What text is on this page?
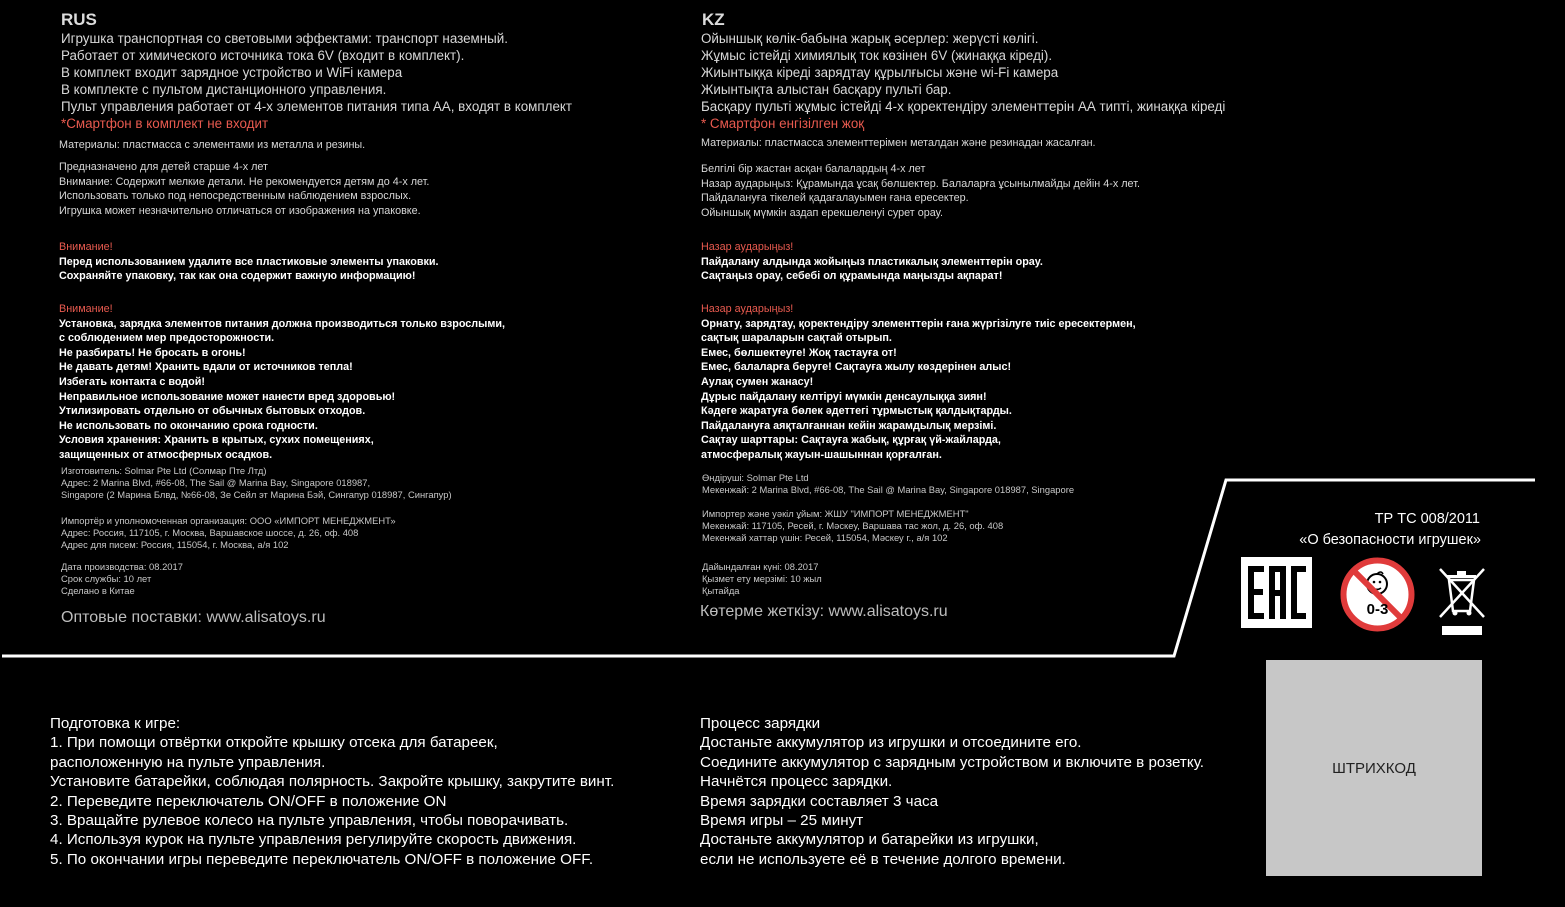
RUS
Игрушка транспортная со световыми эффектами: транспорт наземный.
Работает от химического источника тока 6V (входит в комплект).
В комплект входит зарядное устройство и WiFi камера
В комплекте с пультом дистанционного управления.
Пульт управления работает от 4-х элементов питания типа АА, входят в комплект
*Смартфон в комплект не входит
Материалы: пластмасса с элементами из металла и резины.
Предназначено для детей старше 4-х лет
Внимание: Содержит мелкие детали. Не рекомендуется детям до 4-х лет.
Использовать только под непосредственным наблюдением взрослых.
Игрушка может незначительно отличаться от изображения на упаковке.
Внимание!
Перед использованием удалите все пластиковые элементы упаковки.
Сохраняйте упаковку, так как она содержит важную информацию!
Внимание!
Установка, зарядка элементов питания должна производиться только взрослыми,
с соблюдением мер предосторожности.
Не разбирать! Не бросать в огонь!
Не давать детям! Хранить вдали от источников тепла!
Избегать контакта с водой!
Неправильное использование может нанести вред здоровью!
Утилизировать отдельно от обычных бытовых отходов.
Не использовать по окончанию срока годности.
Условия хранения: Хранить в крытых, сухих помещениях,
защищенных от атмосферных осадков.
Изготовитель: Solmar Pte Ltd (Солмар Пте Лтд)
Адрес: 2 Marina Blvd, #66-08, The Sail @ Marina Bay, Singapore 018987,
Singapore (2 Марина Блвд, №66-08, Зе Сейл эт Марина Бэй, Сингапур 018987, Сингапур)
Импортёр и уполномоченная организация: ООО «ИМПОРТ МЕНЕДЖМЕНТ»
Адрес: Россия, 117105, г. Москва, Варшавское шоссе, д. 26, оф. 408
Адрес для писем: Россия, 115054, г. Москва, а/я 102
Дата производства: 08.2017
Срок службы: 10 лет
Сделано в Китае
Оптовые поставки: www.alisatoys.ru
KZ
Ойыншық көлік-бабына жарық әсерлер: жерүсті көлігі.
Жұмыс істейді химиялық ток көзінен 6V (жинаққа кіреді).
Жиынтыққа кіреді зарядтау құрылғысы және wi-Fi камера
Жиынтықта алыстан басқару пульті бар.
Басқару пульті жұмыс істейді 4-х қоректендіру элементтерін АА типті, жинаққа кіреді
* Смартфон енгізілген жоқ
Материалы: пластмасса элементтерімен металдан және резинадан жасалған.
Белгілі бір жастан асқан балалардың 4-х лет
Назар аударыңыз: Құрамында ұсақ бөлшектер. Балаларға ұсынылмайды дейін 4-х лет.
Пайдалануға тікелей қадағалауымен ғана ересектер.
Ойыншық мүмкін аздап ерекшеленуі сурет орау.
Назар аударыңыз!
Пайдалану алдында жойыңыз пластикалық элементтерін орау.
Сақтаңыз орау, себебі ол құрамында маңызды ақпарат!
Назар аударыңыз!
Орнату, зарядтау, қоректендіру элементтерін ғана жүргізілуге тиіс ересектермен,
сақтық шараларын сақтай отырып.
Емес, бөлшектеуге! Жоқ тастауға от!
Емес, балаларға беруге! Сақтауға жылу көздерінен алыс!
Аулақ сумен жанасу!
Дұрыс пайдалану келтіруі мүмкін денсаулыққа зиян!
Кәдеге жаратуға бөлек әдеттегі тұрмыстық қалдықтарды.
Пайдалануға аяқталғаннан кейін жарамдылық мерзімі.
Сақтау шарттары: Сақтауға жабық, құрғақ үй-жайларда,
атмосфералық жауын-шашыннан қорғалған.
Өндіруші: Solmar Pte Ltd
Мекенжай: 2 Marina Blvd, #66-08, The Sail @ Marina Bay, Singapore 018987, Singapore
Импортер және уәкіл ұйым: ЖШУ "ИМПОРТ МЕНЕДЖМЕНТ"
Мекенжай: 117105, Ресей, г. Мәскеу, Варшава тас жол, д. 26, оф. 408
Мекенжай хаттар үшін: Ресей, 115054, Мәскеу г., а/я 102
Дайындалған күні: 08.2017
Қызмет ету мерзімі: 10 жыл
Қытайда
Көтерме жеткізу: www.alisatoys.ru
ТР ТС 008/2011
«О безопасности игрушек»
0-3
Подготовка к игре:
1. При помощи отвёртки откройте крышку отсека для батареек,
расположенную на пульте управления.
Установите батарейки, соблюдая полярность. Закройте крышку, закрутите винт.
2. Переведите переключатель ON/OFF в положение ON
3. Вращайте рулевое колесо на пульте управления, чтобы поворачивать.
4. Используя курок на пульте управления регулируйте скорость движения.
5. По окончании игры переведите переключатель ON/OFF в положение OFF.
Процесс зарядки
Достаньте аккумулятор из игрушки и отсоедините его.
Соедините аккумулятор с зарядным устройством и включите в розетку.
Начнётся процесс зарядки.
Время зарядки составляет 3 часа
Время игры – 25 минут
Достаньте аккумулятор и батарейки из игрушки,
если не используете её в течение долгого времени.
ШТРИХКОД
